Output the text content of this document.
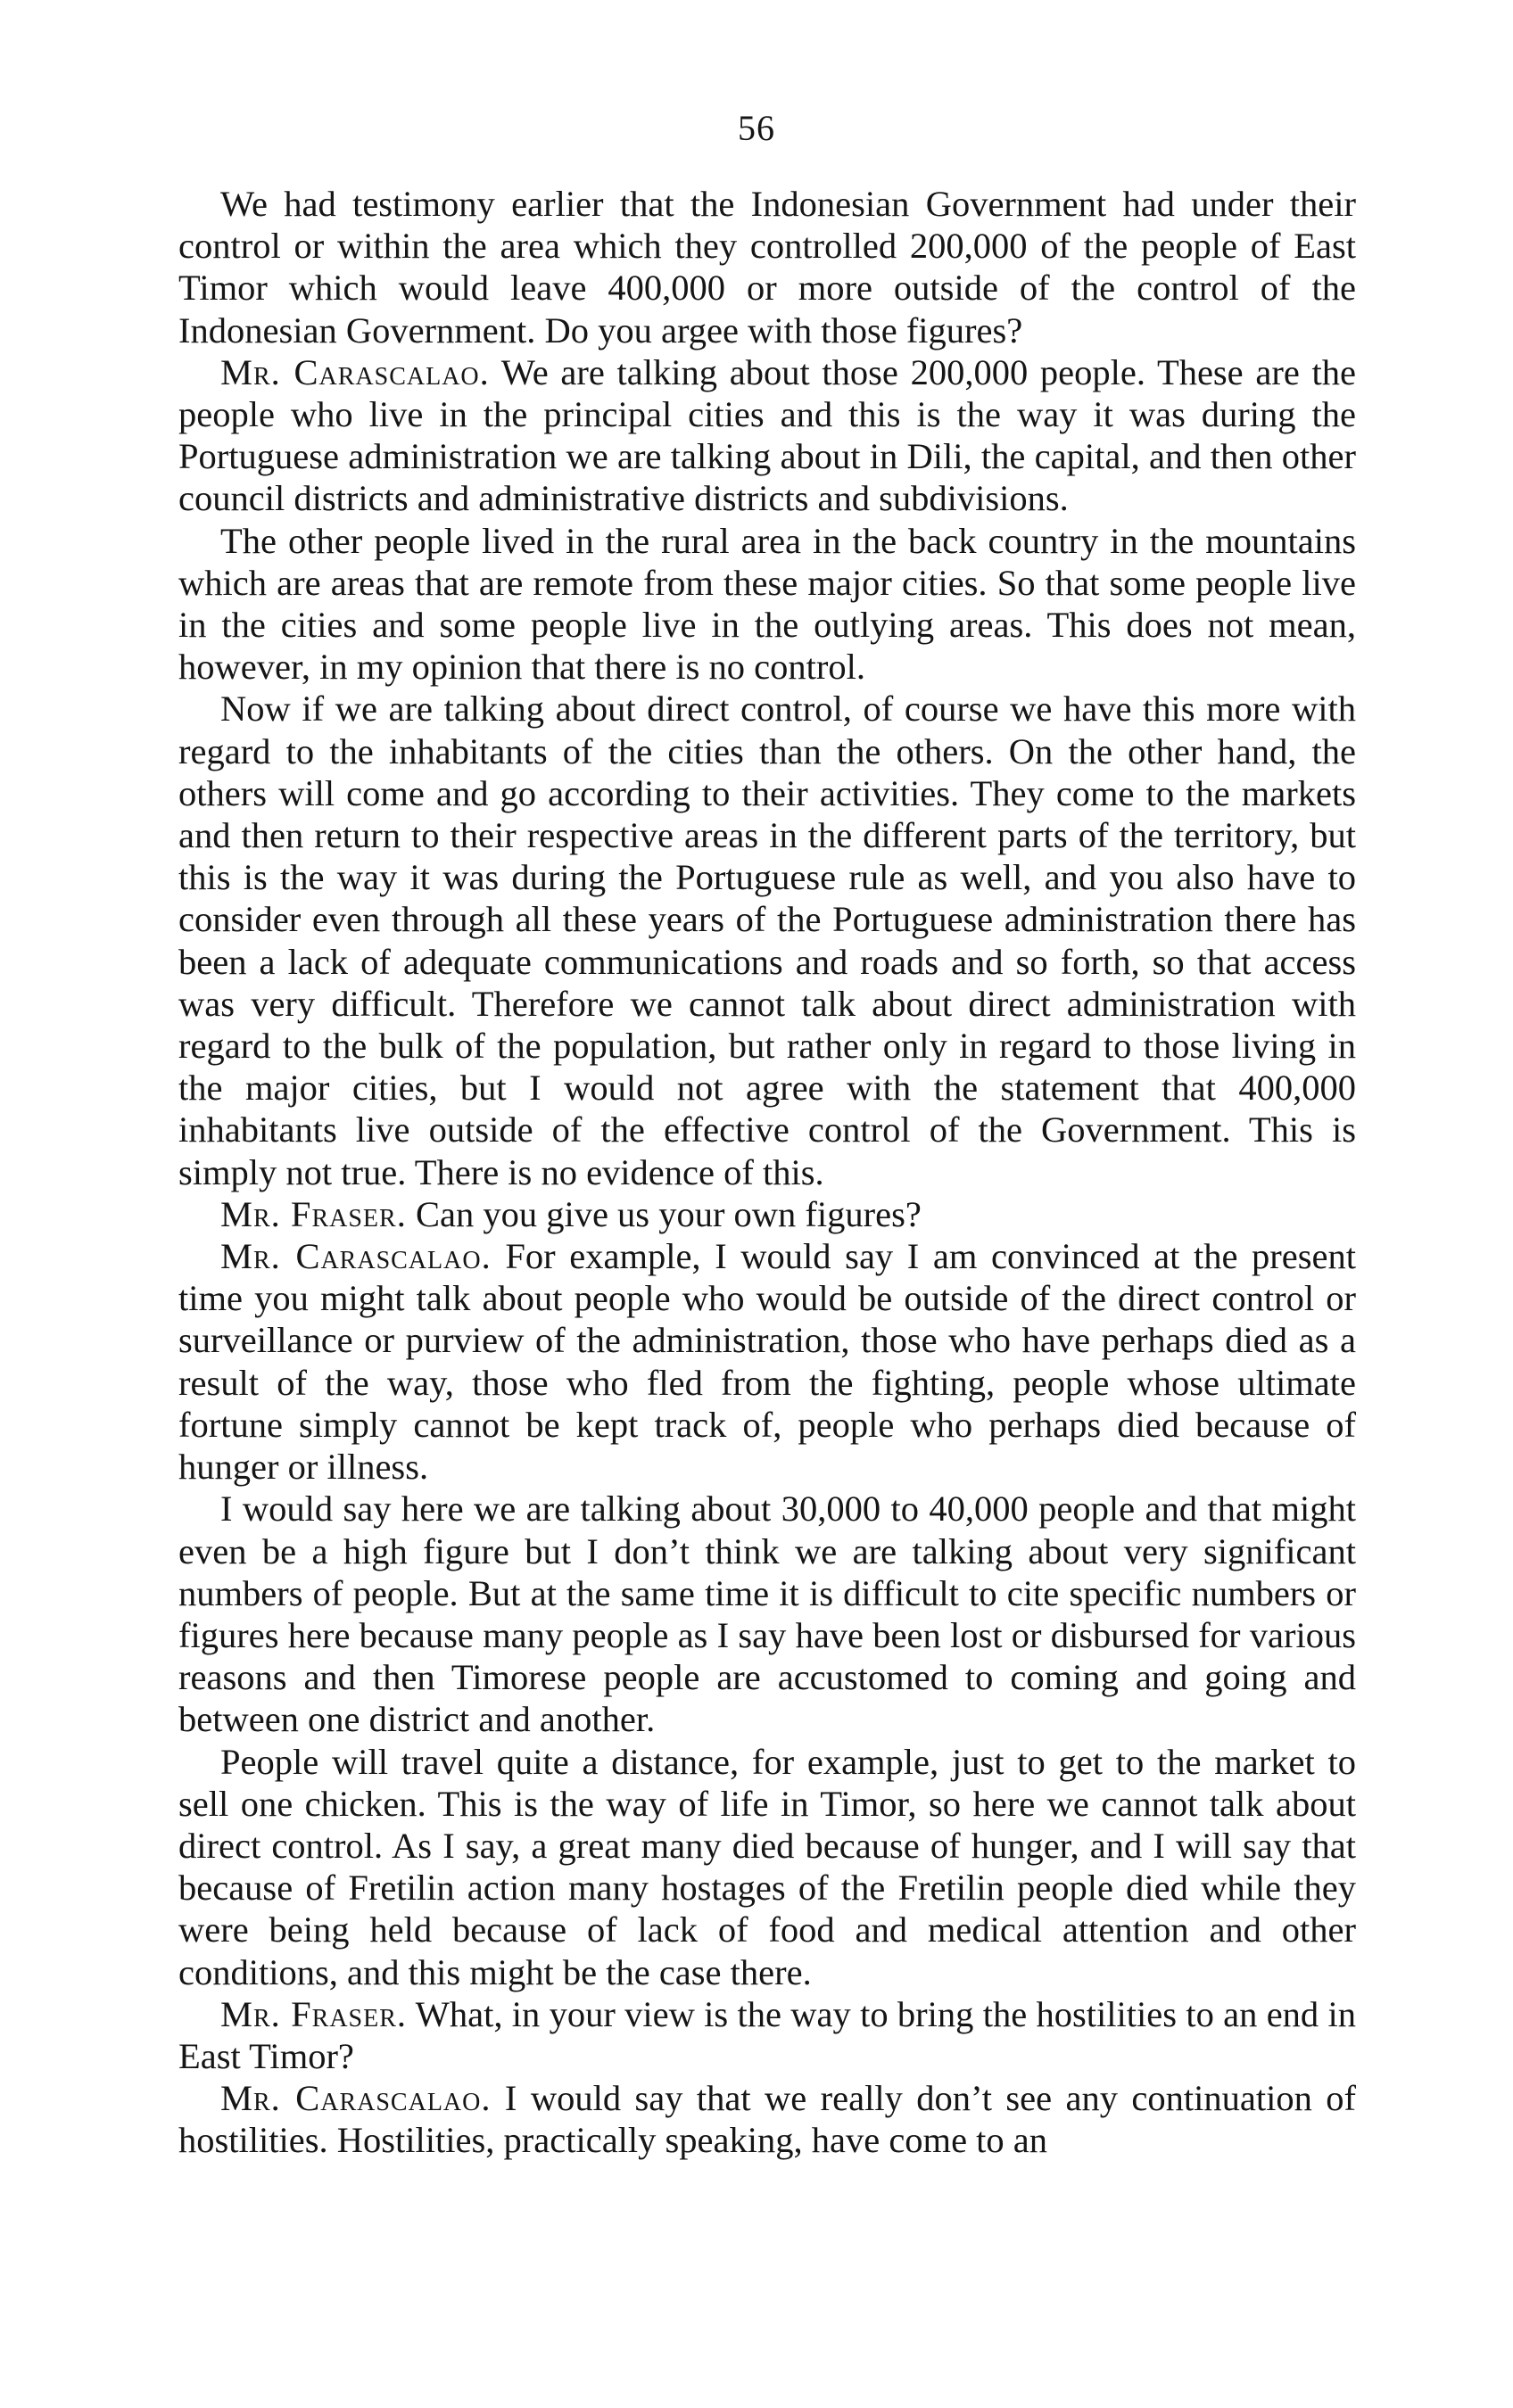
56

We had testimony earlier that the Indonesian Government had under their control or within the area which they controlled 200,000 of the people of East Timor which would leave 400,000 or more outside of the control of the Indonesian Government. Do you argee with those figures?

Mr. Carascalao. We are talking about those 200,000 people. These are the people who live in the principal cities and this is the way it was during the Portuguese administration we are talking about in Dili, the capital, and then other council districts and administrative districts and subdivisions.

The other people lived in the rural area in the back country in the mountains which are areas that are remote from these major cities. So that some people live in the cities and some people live in the outlying areas. This does not mean, however, in my opinion that there is no control.

Now if we are talking about direct control, of course we have this more with regard to the inhabitants of the cities than the others. On the other hand, the others will come and go according to their activities. They come to the markets and then return to their respective areas in the different parts of the territory, but this is the way it was during the Portuguese rule as well, and you also have to consider even through all these years of the Portuguese administration there has been a lack of adequate communications and roads and so forth, so that access was very difficult. Therefore we cannot talk about direct administration with regard to the bulk of the population, but rather only in regard to those living in the major cities, but I would not agree with the statement that 400,000 inhabitants live outside of the effective control of the Government. This is simply not true. There is no evidence of this.

Mr. Fraser. Can you give us your own figures?

Mr. Carascalao. For example, I would say I am convinced at the present time you might talk about people who would be outside of the direct control or surveillance or purview of the administration, those who have perhaps died as a result of the way, those who fled from the fighting, people whose ultimate fortune simply cannot be kept track of, people who perhaps died because of hunger or illness.

I would say here we are talking about 30,000 to 40,000 people and that might even be a high figure but I don’t think we are talking about very significant numbers of people. But at the same time it is difficult to cite specific numbers or figures here because many people as I say have been lost or disbursed for various reasons and then Timorese people are accustomed to coming and going and between one district and another.

People will travel quite a distance, for example, just to get to the market to sell one chicken. This is the way of life in Timor, so here we cannot talk about direct control. As I say, a great many died because of hunger, and I will say that because of Fretilin action many hostages of the Fretilin people died while they were being held because of lack of food and medical attention and other conditions, and this might be the case there.

Mr. Fraser. What, in your view is the way to bring the hostilities to an end in East Timor?

Mr. Carascalao. I would say that we really don’t see any continuation of hostilities. Hostilities, practically speaking, have come to an
